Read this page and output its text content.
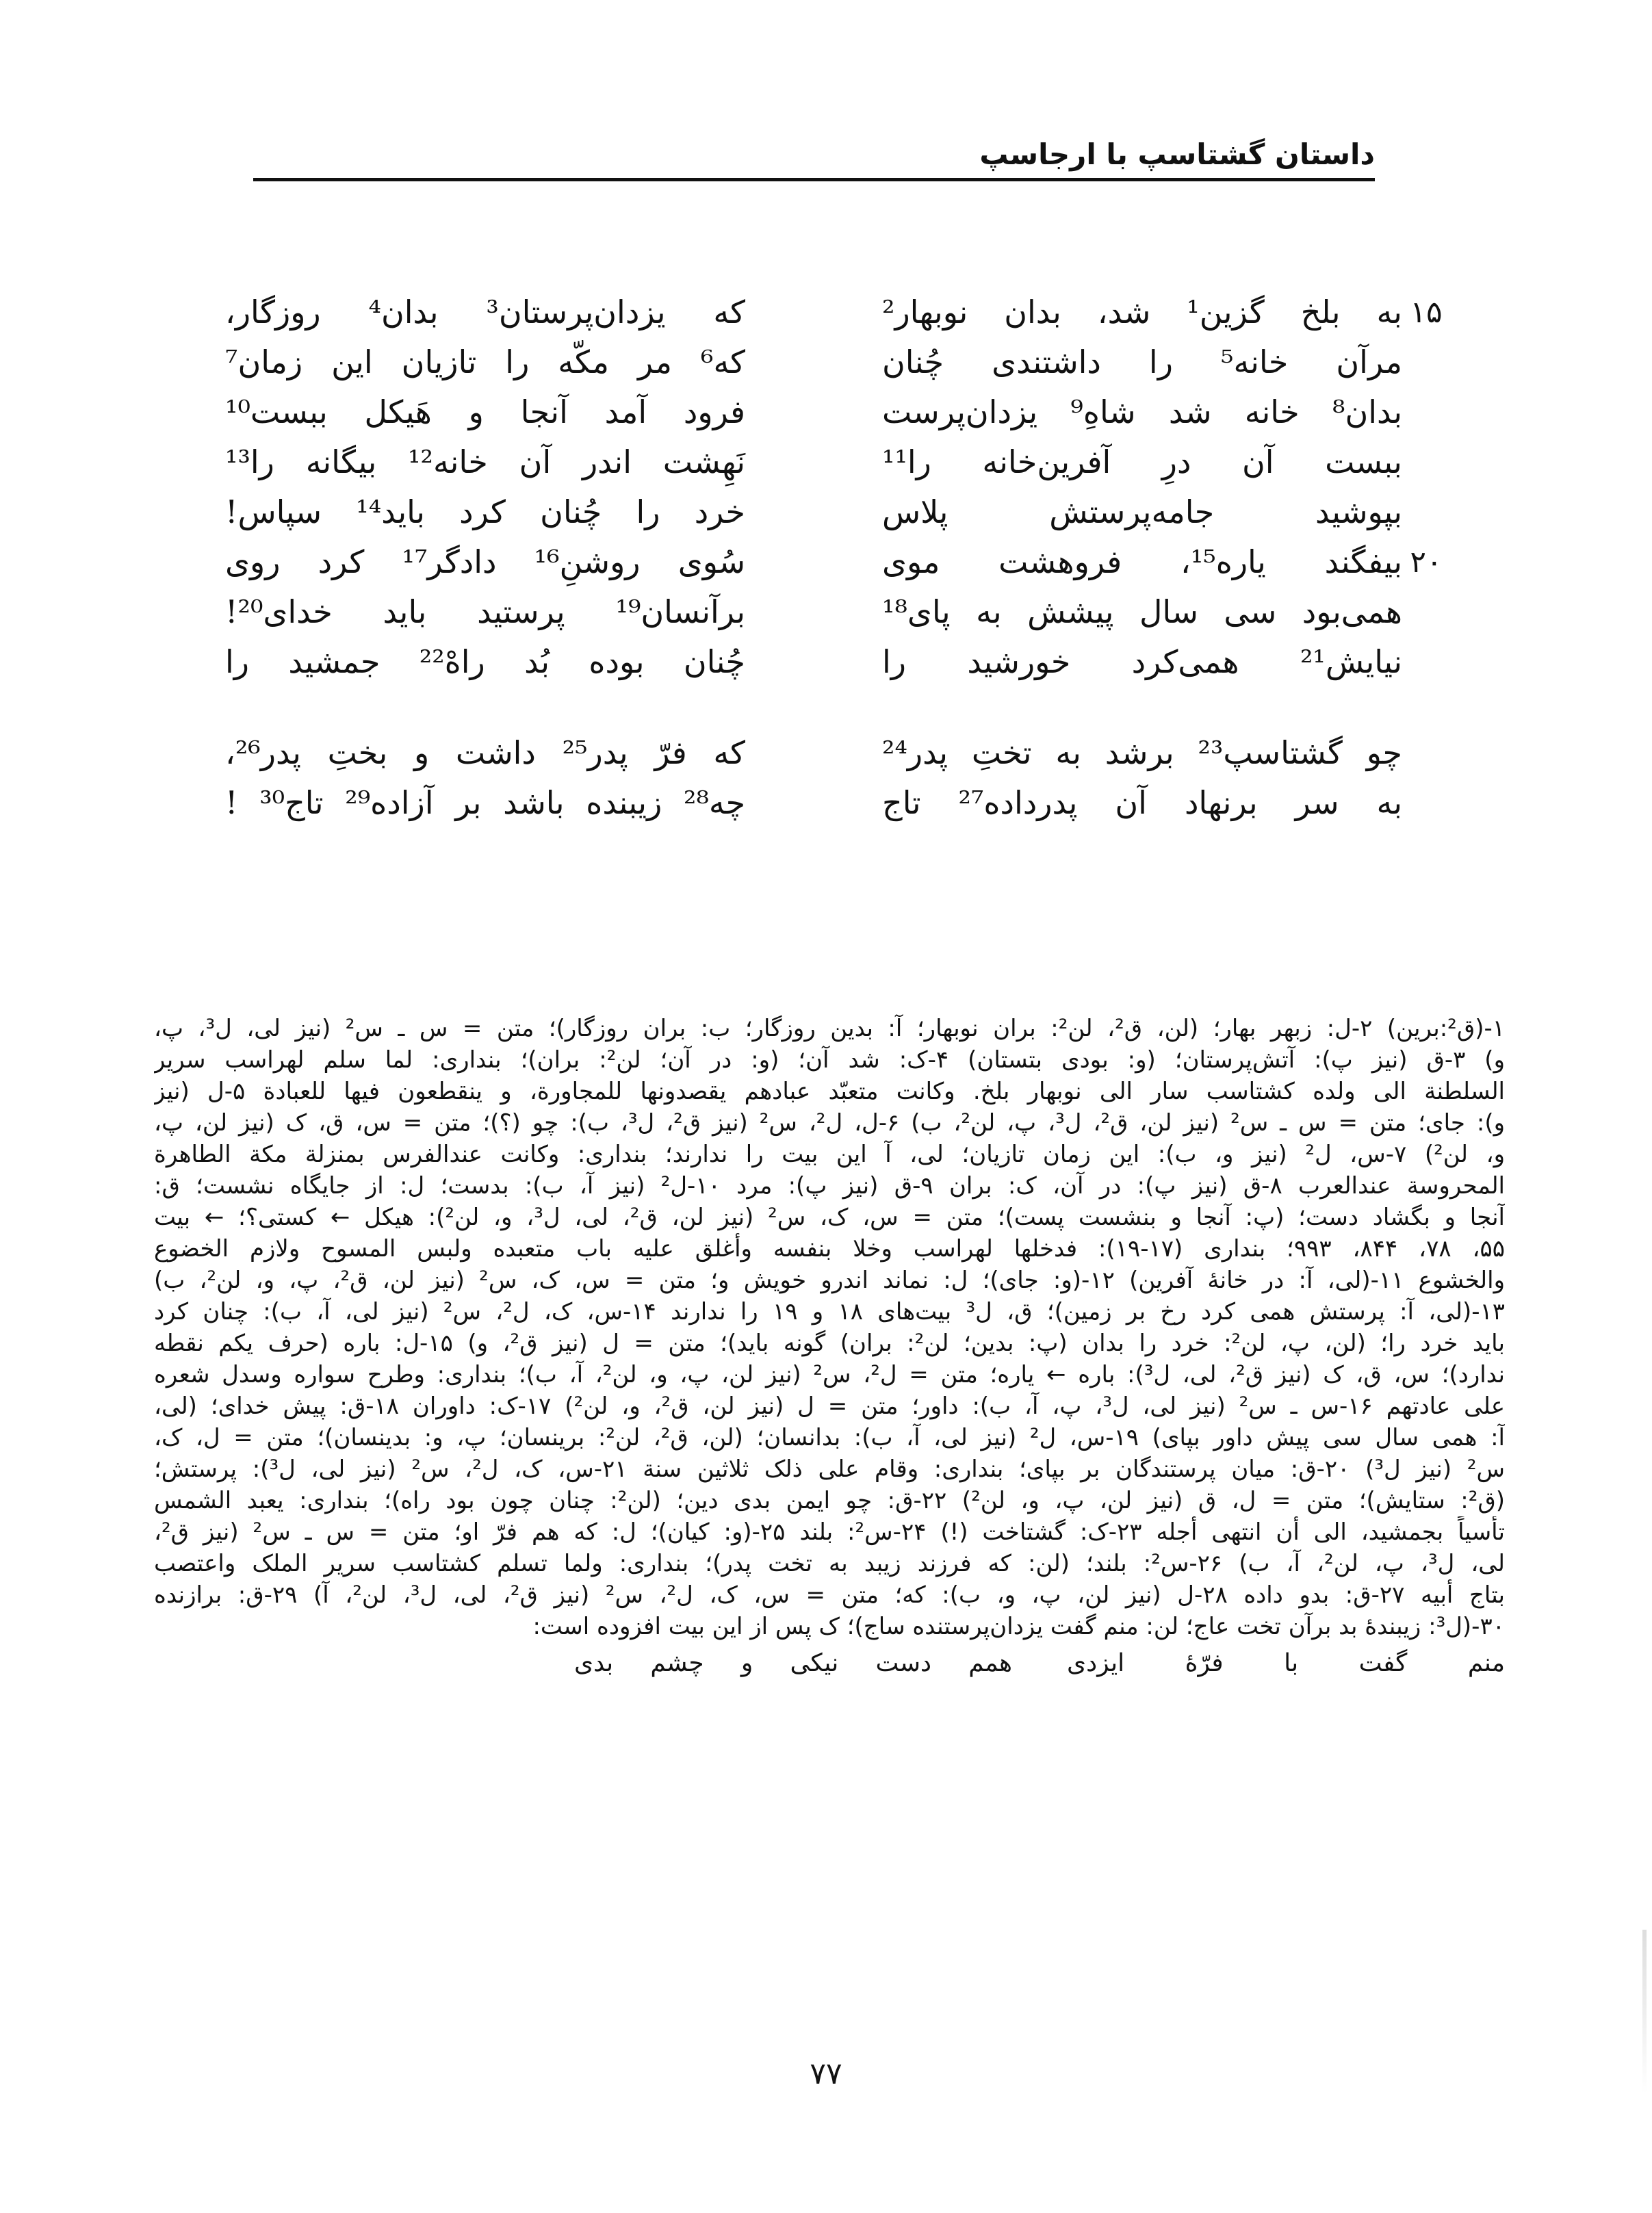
داستان گشتاسپ با ارجاسپ
۱۵
به بلخ گزین¹ شد، بدان نوبهار²
که یزدان‌پرستان³ بدان⁴ روزگار،
مرآن خانه⁵ را داشتندی چُنان
که⁶ مر مکّه را تازیان این زمان⁷
بدان⁸ خانه شد شاهِ⁹ یزدان‌پرست
فرود آمد آنجا و هَیکل ببست¹⁰
ببست آن درِ آفرین‌خانه را¹¹
نَهِشت اندر آن خانه¹² بیگانه را¹³
بپوشید جامه‌پرستش پلاس
خرد را چُنان کرد باید¹⁴ سپاس!
۲۰
بیفگند یاره¹⁵، فروهشت موی
سُوی روشنِ¹⁶ دادگر¹⁷ کرد روی
همی‌بود سی سال پیشش به پای¹⁸
برآنسان¹⁹ پرستید باید خدای²⁰!
نیایش²¹ همی‌کرد خورشید را
چُنان بوده بُد راهْ²² جمشید را
چو گشتاسپ²³ برشد به تختِ پدر²⁴
که فرّ پدر²⁵ داشت و بختِ پدر²⁶،
به سر برنهاد آن پدرداده²⁷ تاج
چه²⁸ زیبنده باشد بر آزاده²⁹ تاج³⁰ !
۱-(ق²:برین) ۲-ل: زبهر بهار؛ (لن، ق²، لن²: بران نوبهار؛ آ: بدین روزگار؛ ب: بران روزگار)؛ متن = س ـ س² (نیز لی، ل³، پ،
و) ۳-ق (نیز پ): آتش‌پرستان؛ (و: بودی بتستان) ۴-ک: شد آن؛ (و: در آن؛ لن²: بران)؛ بنداری: لما سلم لهراسب سریر
السلطنة الی ولده کشتاسب سار الی نوبهار بلخ. وکانت متعبّد عبادهم یقصدونها للمجاورة، و ینقطعون فیها للعبادة ۵-ل (نیز
و): جای؛ متن = س ـ س² (نیز لن، ق²، ل³، پ، لن²، ب) ۶-ل، ل²، س² (نیز ق²، ل³، ب): چو (؟)؛ متن = س، ق، ک (نیز لن، پ،
و، لن²) ۷-س، ل² (نیز و، ب): این زمان تازیان؛ لی، آ این بیت را ندارند؛ بنداری: وکانت عندالفرس بمنزلة مکة الطاهرة
المحروسة عندالعرب ۸-ق (نیز پ): در آن، ک: بران ۹-ق (نیز پ): مرد ۱۰-ل² (نیز آ، ب): بدست؛ ل: از جایگاه نشست؛ ق:
آنجا و بگشاد دست؛ (پ: آنجا و بنشست پست)؛ متن = س، ک، س² (نیز لن، ق²، لی، ل³، و، لن²): هیکل ← کستی؟؛ ← بیت
۵۵، ۷۸، ۸۴۴، ۹۹۳؛ بنداری (۱۷-۱۹): فدخلها لهراسب وخلا بنفسه وأغلق علیه باب متعبده ولبس المسوح ولازم الخضوع
والخشوع ۱۱-(لی، آ: در خانهٔ آفرین) ۱۲-(و: جای)؛ ل: نماند اندرو خویش و؛ متن = س، ک، س² (نیز لن، ق²، پ، و، لن²، ب)
۱۳-(لی، آ: پرستش همی کرد رخ بر زمین)؛ ق، ل³ بیت‌های ۱۸ و ۱۹ را ندارند ۱۴-س، ک، ل²، س² (نیز لی، آ، ب): چنان کرد
باید خرد را؛ (لن، پ، لن²: خرد را بدان (پ: بدین؛ لن²: بران) گونه باید)؛ متن = ل (نیز ق²، و) ۱۵-ل: باره (حرف یکم نقطه
ندارد)؛ س، ق، ک (نیز ق²، لی، ل³): باره ← یاره؛ متن = ل²، س² (نیز لن، پ، و، لن²، آ، ب)؛ بنداری: وطرح سواره وسدل شعره
علی عادتهم ۱۶-س ـ س² (نیز لی، ل³، پ، آ، ب): داور؛ متن = ل (نیز لن، ق²، و، لن²) ۱۷-ک: داوران ۱۸-ق: پیش خدای؛ (لی،
آ: همی سال سی پیش داور بپای) ۱۹-س، ل² (نیز لی، آ، ب): بدانسان؛ (لن، ق²، لن²: برینسان؛ پ، و: بدینسان)؛ متن = ل، ک،
س² (نیز ل³) ۲۰-ق: میان پرستندگان بر بپای؛ بنداری: وقام علی ذلک ثلاثین سنة ۲۱-س، ک، ل²، س² (نیز لی، ل³): پرستش؛
(ق²: ستایش)؛ متن = ل، ق (نیز لن، پ، و، لن²) ۲۲-ق: چو ایمن بدی دین؛ (لن²: چنان چون بود راه)؛ بنداری: یعبد الشمس
تأسیاً بجمشید، الی أن انتهی أجله ۲۳-ک: گشتاخت (!) ۲۴-س²: بلند ۲۵-(و: کیان)؛ ل: که هم فرّ او؛ متن = س ـ س² (نیز ق²،
لی، ل³، پ، لن²، آ، ب) ۲۶-س²: بلند؛ (لن: که فرزند زیبد به تخت پدر)؛ بنداری: ولما تسلم کشتاسب سریر الملک واعتصب
بتاج أبیه ۲۷-ق: بدو داده ۲۸-ل (نیز لن، پ، و، ب): که؛ متن = س، ک، ل²، س² (نیز ق²، لی، ل³، لن²، آ) ۲۹-ق: برازنده
۳۰-(ل³: زیبندهٔ بد برآن تخت عاج؛ لن: منم گفت یزدان‌پرستنده ساج)؛ ک پس از این بیت افزوده است:
منم گفت با فرّهٔ ایزدی
همم دست نیکی و چشم بدی
۷۷
